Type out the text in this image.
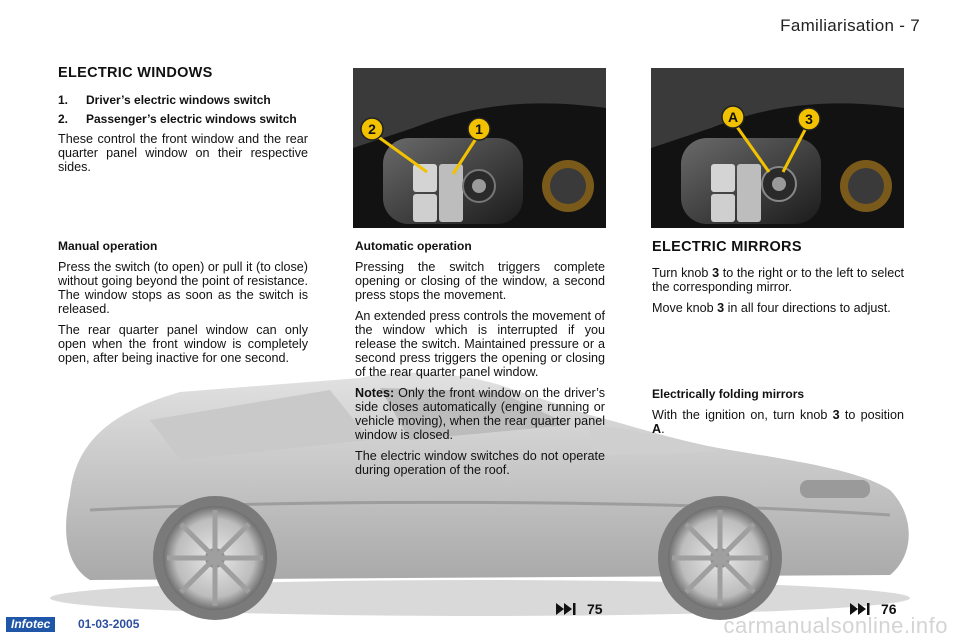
Familiarisation - 7
ELECTRIC WINDOWS
1.	Driver’s electric windows switch
2.	Passenger’s electric windows switch

These control the front window and the rear quarter panel window on their respective sides.

Manual operation

Press the switch (to open) or pull it (to close) without going beyond the point of resistance. The window stops as soon as the switch is released.

The rear quarter panel window can only open when the front window is completely open, after being inactive for one second.

2	1
Automatic operation

Pressing the switch triggers complete opening or closing of the window, a second press stops the movement.

An extended press controls the movement of the window which is interrupted if you release the switch. Maintained pressure or a second press triggers the opening or closing of the rear quarter panel window.

Notes: Only the front window on the driver’s side closes automatically (engine running or vehicle moving), when the rear quarter panel window is closed.

The electric window switches do not operate during operation of the roof.

A	3
ELECTRIC MIRRORS

Turn knob 3 to the right or to the left to select the corresponding mirror.

Move knob 3 in all four directions to adjust.

Electrically folding mirrors

With the ignition on, turn knob 3 to position A.

Infotec	01-03-2005
75	76
carmanualsonline.info
